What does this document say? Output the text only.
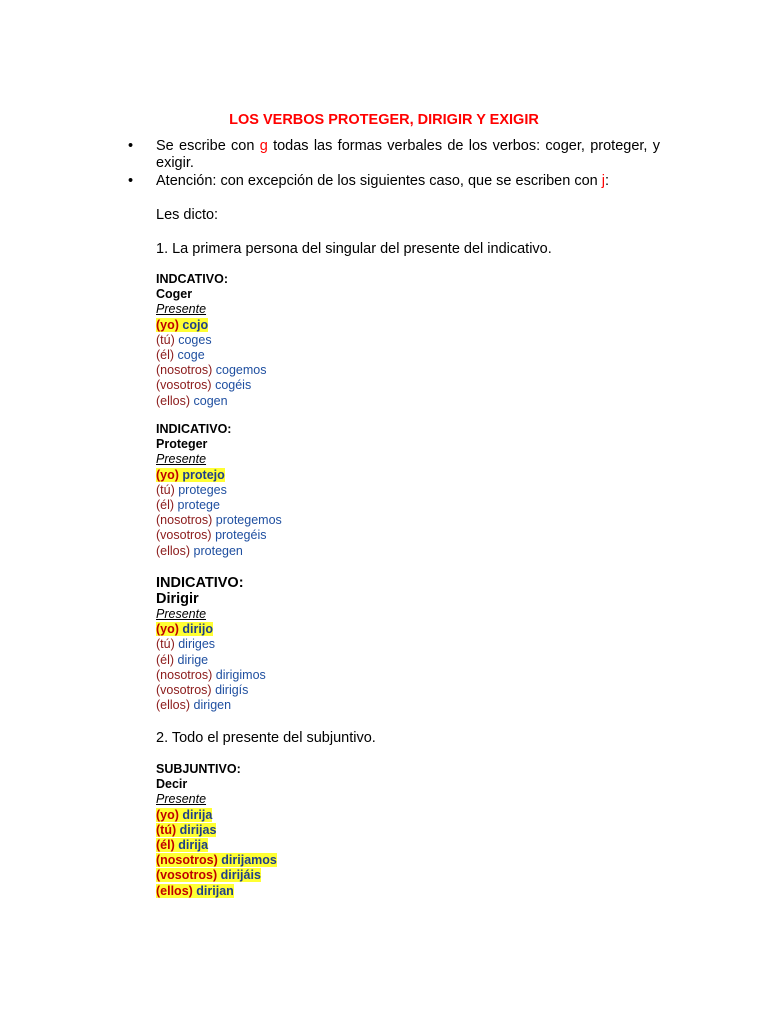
LOS VERBOS PROTEGER, DIRIGIR Y EXIGIR
• Se escribe con g todas las formas verbales de los verbos: coger, proteger, y exigir.
• Atención: con excepción de los siguientes caso, que se escriben con j:

Les dicto:

1. La primera persona del singular del presente del indicativo.

INDCATIVO:
Coger
Presente
(yo) cojo
(tú) coges
(él) coge
(nosotros) cogemos
(vosotros) cogéis
(ellos) cogen
INDICATIVO:
Proteger
Presente
(yo) protejo
(tú) proteges
(él) protege
(nosotros) protegemos
(vosotros) protegéis
(ellos) protegen
INDICATIVO:
Dirigir
Presente
(yo) dirijo
(tú) diriges
(él) dirige
(nosotros) dirigimos
(vosotros) dirigís
(ellos) dirigen

2. Todo el presente del subjuntivo.

SUBJUNTIVO:
Decir
Presente
(yo) dirija
(tú) dirijas
(él) dirija
(nosotros) dirijamos
(vosotros) dirijáis
(ellos) dirijan
